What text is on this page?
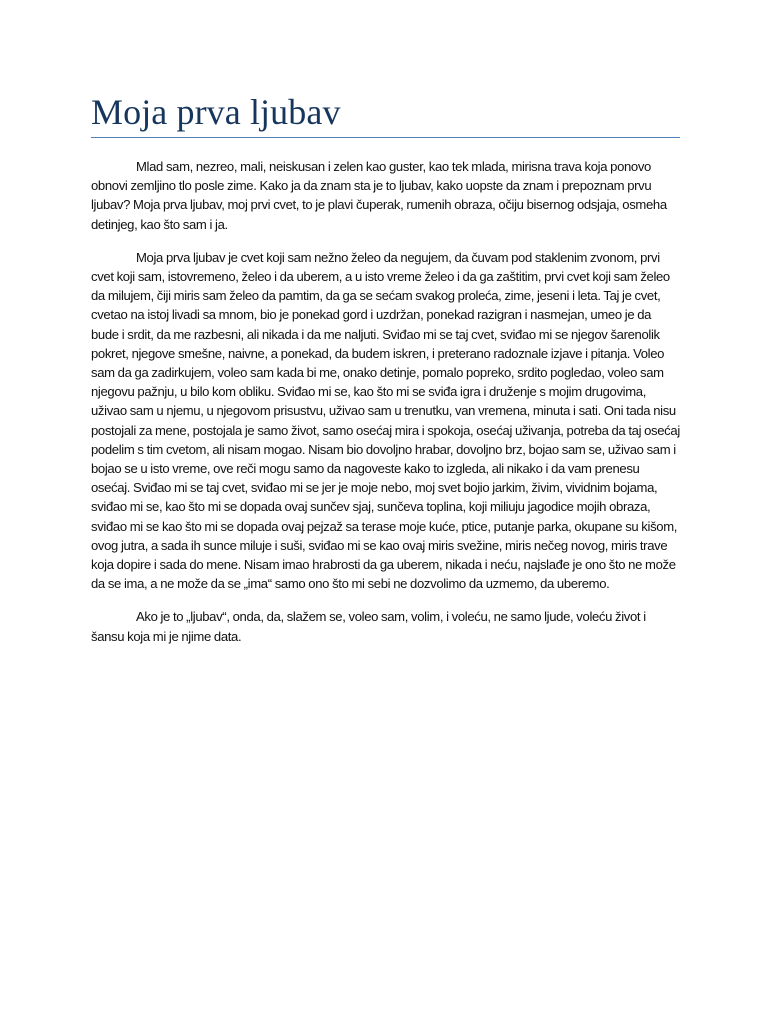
Moja prva ljubav

Mlad sam, nezreo, mali, neiskusan i zelen kao guster, kao tek mlada, mirisna trava koja ponovo obnovi zemljino tlo posle zime. Kako ja da znam sta je to ljubav, kako uopste da znam i prepoznam prvu ljubav? Moja prva ljubav, moj prvi cvet, to je plavi čuperak, rumenih obraza, očiju bisernog odsjaja, osmeha detinjeg, kao što sam i ja.

Moja prva ljubav je cvet koji sam nežno želeo da negujem, da čuvam pod staklenim zvonom, prvi cvet koji sam, istovremeno, želeo i da uberem, a u isto vreme želeo i da ga zaštitim, prvi cvet koji sam želeo da milujem, čiji miris sam želeo da pamtim, da ga se sećam svakog proleća, zime, jeseni i leta. Taj je cvet, cvetao na istoj livadi sa mnom, bio je ponekad gord i uzdržan, ponekad razigran i nasmejan, umeo je da bude i srdit, da me razbesni, ali nikada i da me naljuti. Sviđao mi se taj cvet, sviđao mi se njegov šarenolik pokret, njegove smešne, naivne, a ponekad, da budem iskren, i preterano radoznale izjave i pitanja. Voleo sam da ga zadirkujem, voleo sam kada bi me, onako detinje, pomalo popreko, srdito pogledao, voleo sam njegovu pažnju, u bilo kom obliku. Sviđao mi se, kao što mi se sviđa igra i druženje s mojim drugovima, uživao sam u njemu, u njegovom prisustvu, uživao sam u trenutku, van vremena, minuta i sati. Oni tada nisu postojali za mene, postojala je samo život, samo osećaj mira i spokoja, osećaj uživanja, potreba da taj osećaj podelim s tim cvetom, ali nisam mogao. Nisam bio dovoljno hrabar, dovoljno brz, bojao sam se, uživao sam i bojao se u isto vreme, ove reči mogu samo da nagoveste kako to izgleda, ali nikako i da vam prenesu osećaj. Sviđao mi se taj cvet, sviđao mi se jer je moje nebo, moj svet bojio jarkim, živim, vividnim bojama, sviđao mi se, kao što mi se dopada ovaj sunčev sjaj, sunčeva toplina, koji miliuju jagodice mojih obraza, sviđao mi se kao što mi se dopada ovaj pejzaž sa terase moje kuće, ptice, putanje parka, okupane su kišom, ovog jutra, a sada ih sunce miluje i suši, sviđao mi se kao ovaj miris svežine, miris nečeg novog, miris trave koja dopire i sada do mene. Nisam imao hrabrosti da ga uberem, nikada i neću, najslađe je ono što ne može da se ima, a ne može da se „ima“ samo ono što mi sebi ne dozvolimo da uzmemo, da uberemo.

Ako je to „ljubav“, onda, da, slažem se, voleo sam, volim, i voleću, ne samo ljude, voleću život i šansu koja mi je njime data.
